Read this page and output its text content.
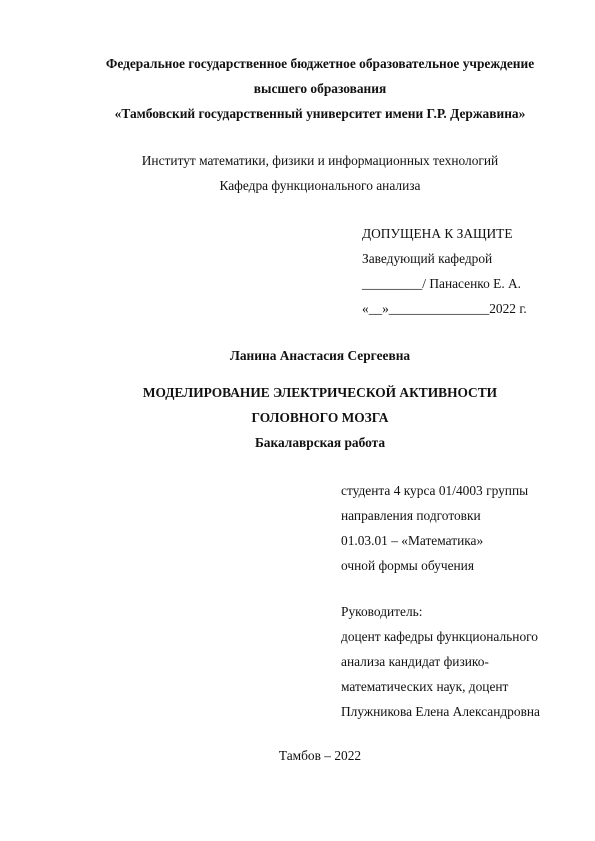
Федеральное государственное бюджетное образовательное учреждение
высшего образования
«Тамбовский государственный университет имени Г.Р. Державина»
Институт математики, физики и информационных технологий
Кафедра функционального анализа
ДОПУЩЕНА К ЗАЩИТЕ
Заведующий кафедрой
_________/ Панасенко Е. А.
«__»_______________2022 г.
Ланина Анастасия Сергеевна
МОДЕЛИРОВАНИЕ ЭЛЕКТРИЧЕСКОЙ АКТИВНОСТИ
ГОЛОВНОГО МОЗГА
Бакалаврская работа
студента 4 курса 01/4003 группы
направления подготовки
01.03.01 – «Математика»
очной формы обучения
Руководитель:
доцент кафедры функционального
анализа кандидат физико-
математических наук, доцент
Плужникова Елена Александровна
Тамбов – 2022
